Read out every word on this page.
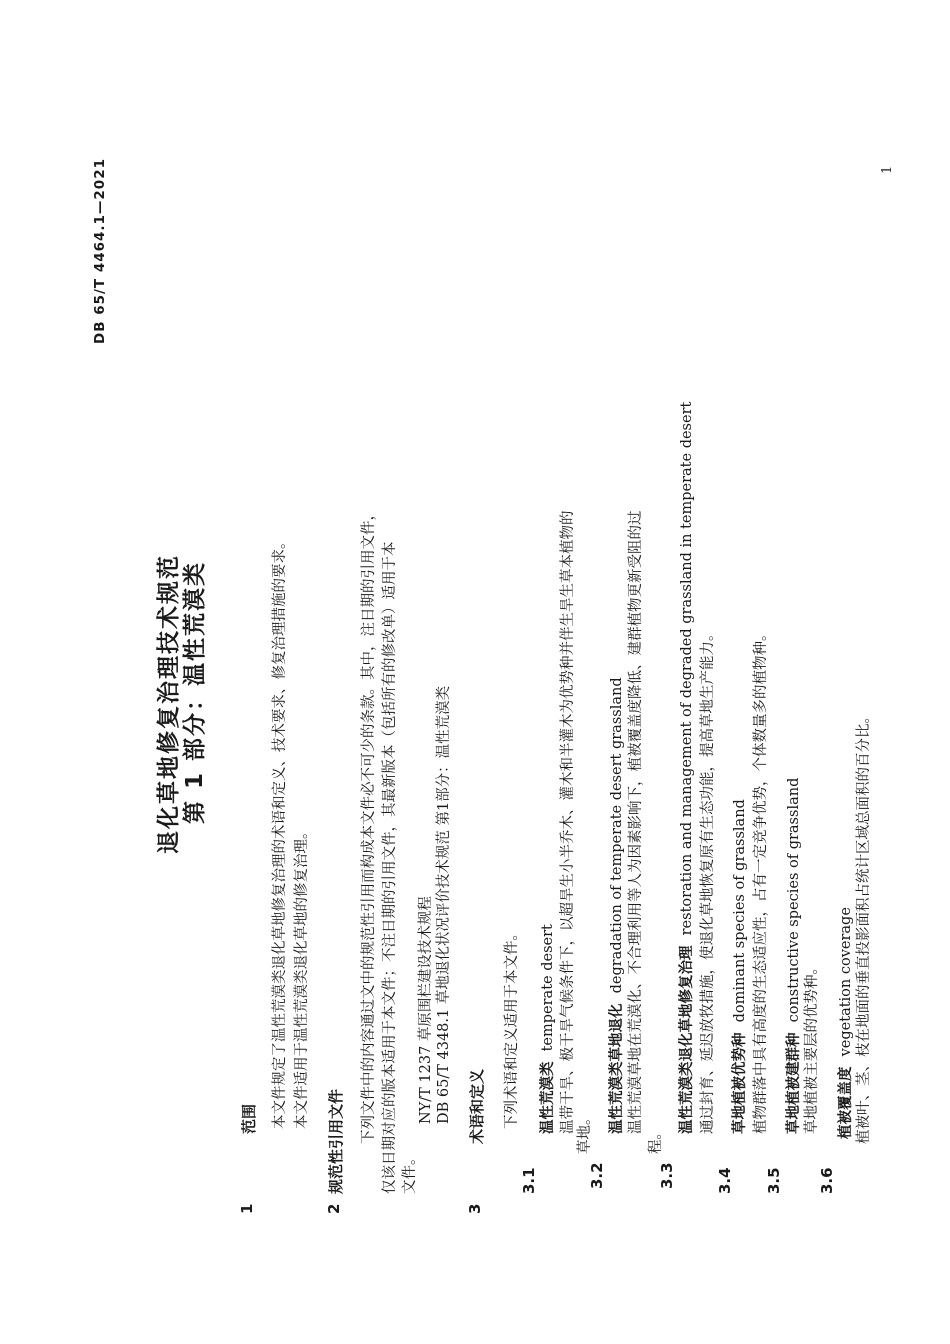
DB 65/T 4464.1—2021	1
退化草地修复治理技术规范 第 1 部分：温性荒漠类
1
范围 本文件规定了温性荒漠类退化草地修复治理的术语和定义、技术要求、修复治理措施的要求。 本文件适用于温性荒漠类退化草地的修复治理。
2
规范性引用文件 下列文件中的内容通过文中的规范性引用而构成本文件必不可少的条款。其中，注日期的引用文件， 仅该日期对应的版本适用于本文件；不注日期的引用文件，其最新版本（包括所有的修改单）适用于本 文件。
NY/T 1237 草原围栏建设技术规程 DB 65/T 4348.1 草地退化状况评价技术规范 第1部分：温性荒漠类
3
术语和定义 下列术语和定义适用于本文件。
3.1
温性荒漠类  temperate desert 温带干旱、极干旱气候条件下，以超旱生小半乔木、灌木和半灌木为优势种并伴生旱生草本植物的 草地。
3.2
温性荒漠类草地退化  degradation of temperate desert grassland 温性荒漠草地在荒漠化、不合理利用等人为因素影响下，植被覆盖度降低、建群植物更新受阻的过
程。
3.3
温性荒漠类退化草地修复治理  restoration and management of degraded grassland in temperate desert 通过封育、延迟放牧措施，使退化草地恢复原有生态功能，提高草地生产能力。
3.4
草地植被优势种  dominant species of grassland 植物群落中具有高度的生态适应性，占有一定竞争优势，个体数量多的植物种。
3.5
草地植被建群种  constructive species of grassland
草地植被主要层的优势种。
3.6
植被覆盖度  vegetation coverage 植被叶、茎、枝在地面的垂直投影面积占统计区域总面积的百分比。
